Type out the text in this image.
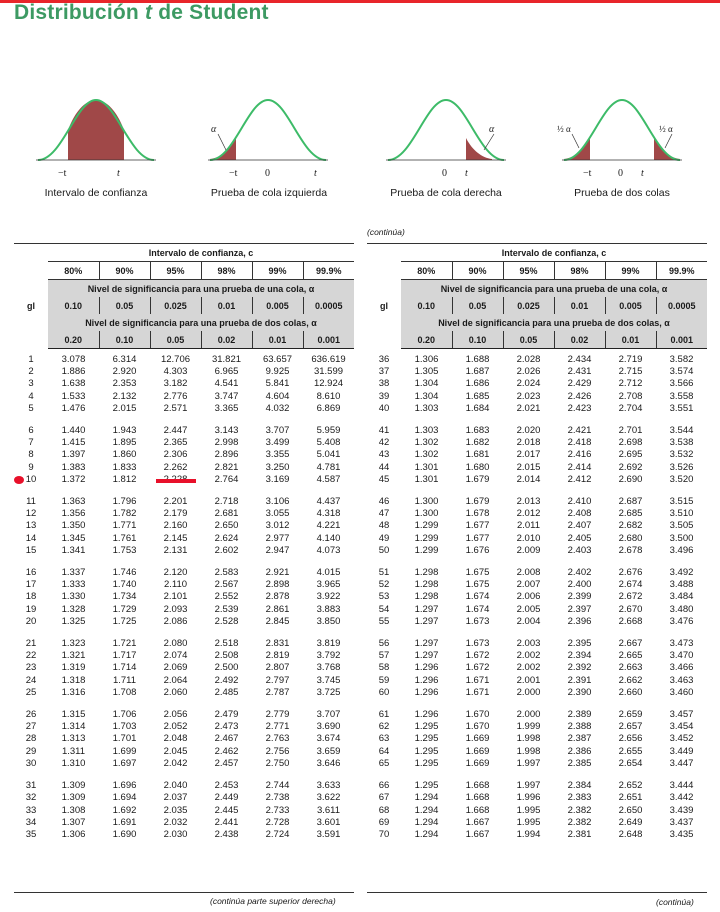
Distribución t de Student
−t	t
α
−t	0	t
α
0 t
½ α	½ α
−t	0 t
Intervalo de confianza	Prueba de cola izquierda	Prueba de cola derecha	Prueba de dos colas
(continúa)
	Intervalo de confianza, c					
	80%	90%	95%	98%	99%	99.9%
	Nivel de significancia para una prueba de una cola, α					
gl	0.10	0.05	0.025	0.01	0.005	0.0005
	Nivel de significancia para una prueba de dos colas, α					
	0.20	0.10	0.05	0.02	0.01	0.001

1	3.078	6.314	12.706	31.821	63.657	636.619
2	1.886	2.920	4.303	6.965	9.925	31.599
3	1.638	2.353	3.182	4.541	5.841	12.924
4	1.533	2.132	2.776	3.747	4.604	8.610
5	1.476	2.015	2.571	3.365	4.032	6.869

6	1.440	1.943	2.447	3.143	3.707	5.959
7	1.415	1.895	2.365	2.998	3.499	5.408
8	1.397	1.860	2.306	2.896	3.355	5.041
9	1.383	1.833	2.262	2.821	3.250	4.781
10	1.372	1.812		2.764	3.169	4.587

11	1.363	1.796	2.201	2.718	3.106	4.437
12	1.356	1.782	2.179	2.681	3.055	4.318
13	1.350	1.771	2.160	2.650	3.012	4.221
14	1.345	1.761	2.145	2.624	2.977	4.140
15	1.341	1.753	2.131	2.602	2.947	4.073

16	1.337	1.746	2.120	2.583	2.921	4.015
17	1.333	1.740	2.110	2.567	2.898	3.965
18	1.330	1.734	2.101	2.552	2.878	3.922
19	1.328	1.729	2.093	2.539	2.861	3.883
20	1.325	1.725	2.086	2.528	2.845	3.850

21	1.323	1.721	2.080	2.518	2.831	3.819
22	1.321	1.717	2.074	2.508	2.819	3.792
23	1.319	1.714	2.069	2.500	2.807	3.768
24	1.318	1.711	2.064	2.492	2.797	3.745
25	1.316	1.708	2.060	2.485	2.787	3.725

26	1.315	1.706	2.056	2.479	2.779	3.707
27	1.314	1.703	2.052	2.473	2.771	3.690
28	1.313	1.701	2.048	2.467	2.763	3.674
29	1.311	1.699	2.045	2.462	2.756	3.659
30	1.310	1.697	2.042	2.457	2.750	3.646

31	1.309	1.696	2.040	2.453	2.744	3.633
32	1.309	1.694	2.037	2.449	2.738	3.622
33	1.308	1.692	2.035	2.445	2.733	3.611
34	1.307	1.691	2.032	2.441	2.728	3.601
35	1.306	1.690	2.030	2.438	2.724	3.591
	Intervalo de confianza, c					
	80%	90%	95%	98%	99%	99.9%
	Nivel de significancia para una prueba de una cola, α					
gl	0.10	0.05	0.025	0.01	0.005	0.0005
	Nivel de significancia para una prueba de dos colas, α					
	0.20	0.10	0.05	0.02	0.01	0.001

36	1.306	1.688	2.028	2.434	2.719	3.582
37	1.305	1.687	2.026	2.431	2.715	3.574
38	1.304	1.686	2.024	2.429	2.712	3.566
39	1.304	1.685	2.023	2.426	2.708	3.558
40	1.303	1.684	2.021	2.423	2.704	3.551

41	1.303	1.683	2.020	2.421	2.701	3.544
42	1.302	1.682	2.018	2.418	2.698	3.538
43	1.302	1.681	2.017	2.416	2.695	3.532
44	1.301	1.680	2.015	2.414	2.692	3.526
45	1.301	1.679	2.014	2.412	2.690	3.520

46	1.300	1.679	2.013	2.410	2.687	3.515
47	1.300	1.678	2.012	2.408	2.685	3.510
48	1.299	1.677	2.011	2.407	2.682	3.505
49	1.299	1.677	2.010	2.405	2.680	3.500
50	1.299	1.676	2.009	2.403	2.678	3.496

51	1.298	1.675	2.008	2.402	2.676	3.492
52	1.298	1.675	2.007	2.400	2.674	3.488
53	1.298	1.674	2.006	2.399	2.672	3.484
54	1.297	1.674	2.005	2.397	2.670	3.480
55	1.297	1.673	2.004	2.396	2.668	3.476

56	1.297	1.673	2.003	2.395	2.667	3.473
57	1.297	1.672	2.002	2.394	2.665	3.470
58	1.296	1.672	2.002	2.392	2.663	3.466
59	1.296	1.671	2.001	2.391	2.662	3.463
60	1.296	1.671	2.000	2.390	2.660	3.460

61	1.296	1.670	2.000	2.389	2.659	3.457
62	1.295	1.670	1.999	2.388	2.657	3.454
63	1.295	1.669	1.998	2.387	2.656	3.452
64	1.295	1.669	1.998	2.386	2.655	3.449
65	1.295	1.669	1.997	2.385	2.654	3.447

66	1.295	1.668	1.997	2.384	2.652	3.444
67	1.294	1.668	1.996	2.383	2.651	3.442
68	1.294	1.668	1.995	2.382	2.650	3.439
69	1.294	1.667	1.995	2.382	2.649	3.437
70	1.294	1.667	1.994	2.381	2.648	3.435
(continúa parte superior derecha)	(continúa)
